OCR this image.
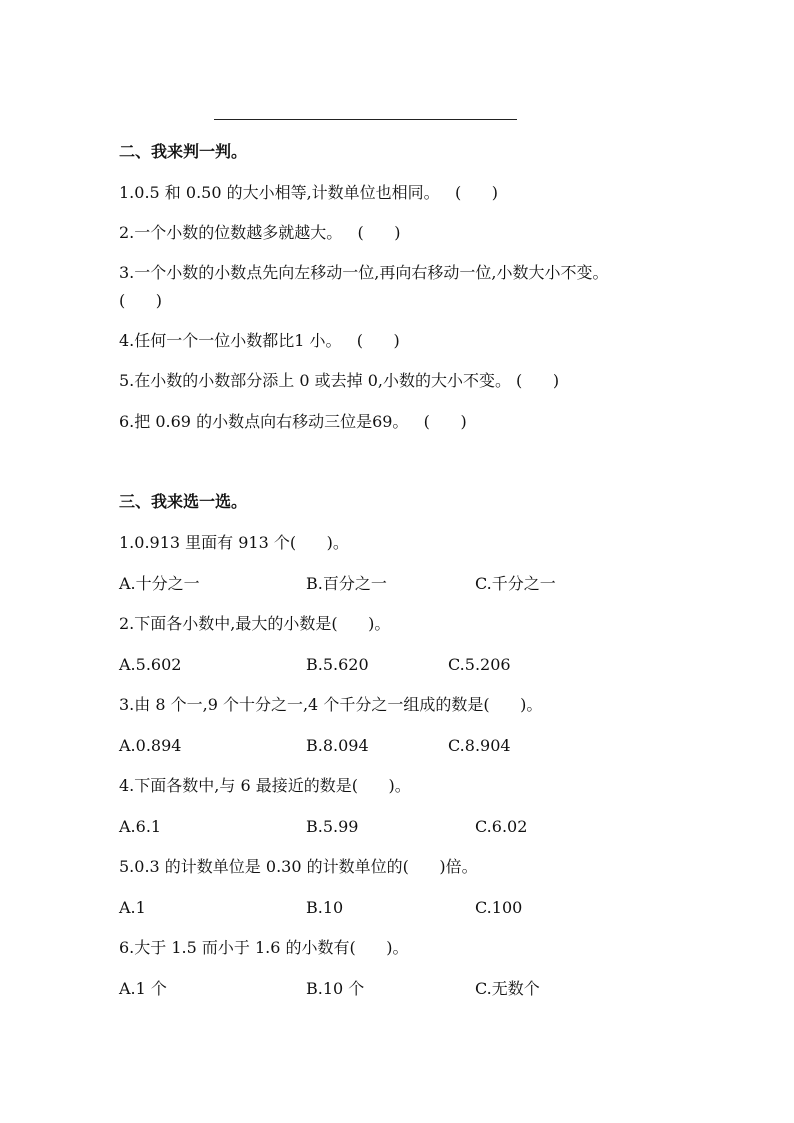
二、我来判一判。
1.0.5 和 0.50 的大小相等,计数单位也相同。   (      )
2.一个小数的位数越多就越大。   (      )
3.一个小数的小数点先向左移动一位,再向右移动一位,小数大小不变。
(      )
4.任何一个一位小数都比1 小。   (      )
5.在小数的小数部分添上 0 或去掉 0,小数的大小不变。 (      )
6.把 0.69 的小数点向右移动三位是69。   (      )
三、我来选一选。
1.0.913 里面有 913 个(      )。
A.十分之一	B.百分之一	C.千分之一
2.下面各小数中,最大的小数是(      )。
A.5.602	B.5.620	C.5.206
3.由 8 个一,9 个十分之一,4 个千分之一组成的数是(      )。
A.0.894	B.8.094	C.8.904
4.下面各数中,与 6 最接近的数是(      )。
A.6.1	B.5.99	C.6.02
5.0.3 的计数单位是 0.30 的计数单位的(      )倍。
A.1	B.10	C.100
6.大于 1.5 而小于 1.6 的小数有(      )。
A.1 个	B.10 个	C.无数个
